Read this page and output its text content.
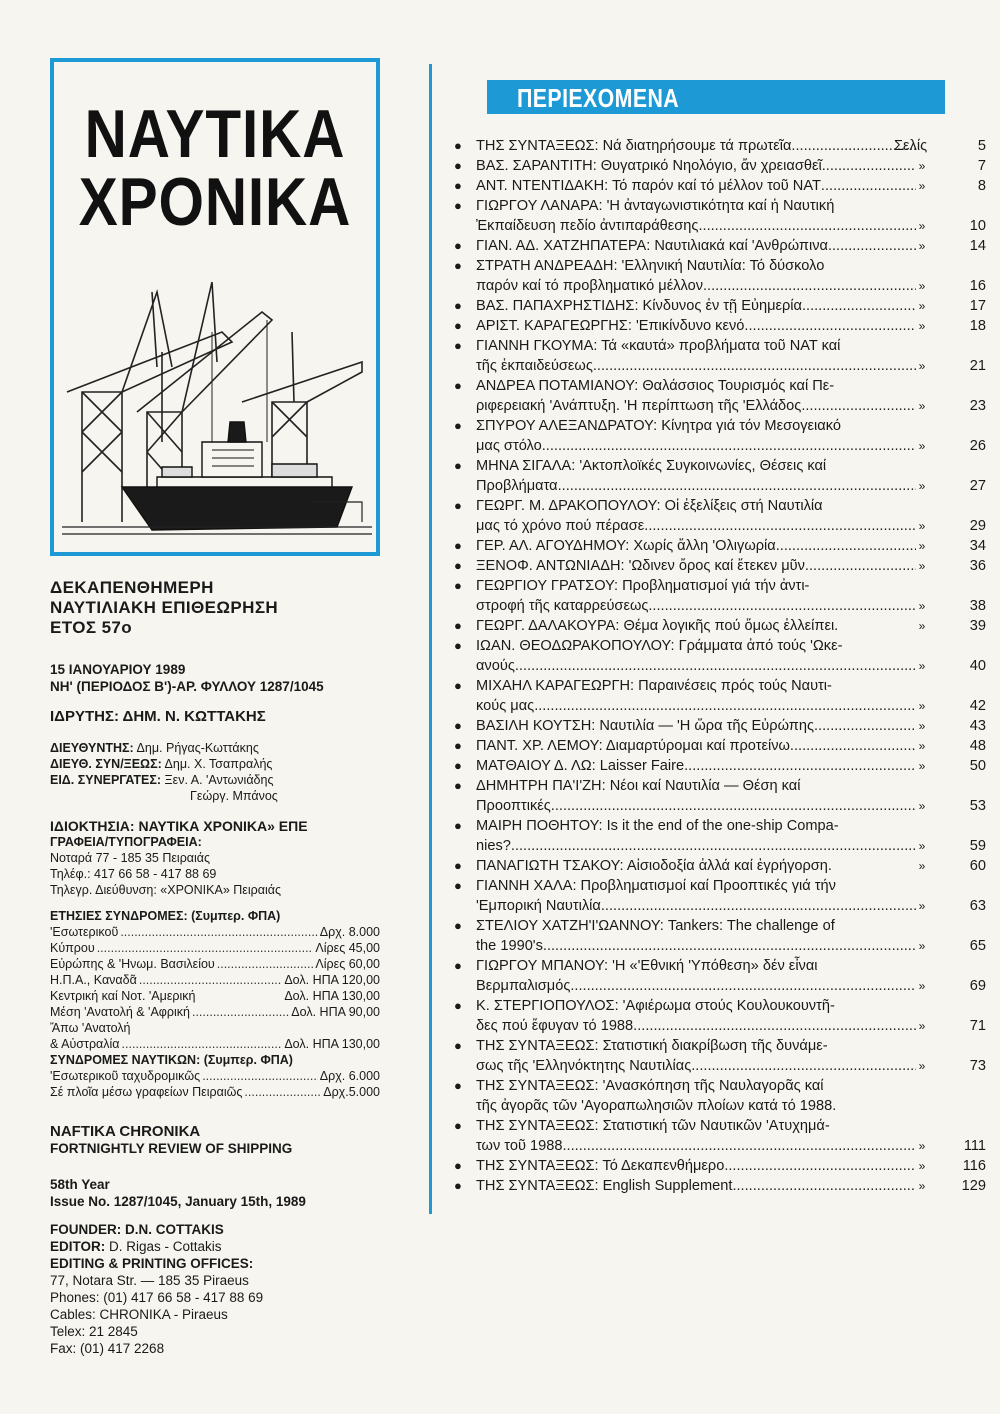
ΝΑΥΤΙΚΑ
ΧΡΟΝΙΚΑ
ΔΕΚΑΠΕΝΘΗΜΕΡΗ
ΝΑΥΤΙΛΙΑΚΗ ΕΠΙΘΕΩΡΗΣΗ
ΕΤΟΣ 57ο
15 ΙΑΝΟΥΑΡΙΟΥ 1989
ΝΗ' (ΠΕΡΙΟΔΟΣ Β')-ΑΡ. ΦΥΛΛΟΥ 1287/1045
ΙΔΡΥΤΗΣ: ΔΗΜ. Ν. ΚΩΤΤΑΚΗΣ
ΔΙΕΥΘΥΝΤΗΣ: Δημ. Ρήγας-Κωττάκης
ΔΙΕΥΘ. ΣΥΝ/ΞΕΩΣ: Δημ. Χ. Τσαπραλής
ΕΙΔ. ΣΥΝΕΡΓΑΤΕΣ: Ξεν. Α. 'Αντωνιάδης
Γεώργ. Μπάνος
ΙΔΙΟΚΤΗΣΙΑ: ΝΑΥΤΙΚΑ ΧΡΟΝΙΚΑ» ΕΠΕ
ΓΡΑΦΕΙΑ/ΤΥΠΟΓΡΑΦΕΙΑ:
Νοταρά 77 - 185 35 Πειραιάς
Τηλέφ.: 417 66 58 - 417 88 69
Τηλεγρ. Διεύθυνση: «ΧΡΟΝΙΚΑ» Πειραιάς
ΕΤΗΣΙΕΣ ΣΥΝΔΡΟΜΕΣ: (Συμπερ. ΦΠΑ)
'Εσωτερικοῦ .....	Δρχ. 8.000
Κύπρου .....	Λίρες 45,00
Εὐρώπης & 'Ηνωμ. Βασιλείου .....	Λίρες 60,00
Η.Π.Α., Καναδᾶ .....	Δολ. ΗΠΑ 120,00
Κεντρική καί Νοτ. 'Αμερική	Δολ. ΗΠΑ 130,00
Μέση 'Ανατολή & 'Αφρική .....	Δολ. ΗΠΑ 90,00
Ἄπω 'Ανατολή
& Αὐστραλία .....	Δολ. ΗΠΑ 130,00
ΣΥΝΔΡΟΜΕΣ ΝΑΥΤΙΚΩΝ: (Συμπερ. ΦΠΑ)
'Εσωτερικοῦ ταχυδρομικῶς .....	Δρχ. 6.000
Σέ πλοῖα μέσω γραφείων Πειραιῶς .....	Δρχ.5.000
NAFTIKA CHRONIKA
FORTNIGHTLY REVIEW OF SHIPPING
58th Year
Issue No. 1287/1045, January 15th, 1989
FOUNDER: D.N. COTTAKIS
EDITOR: D. Rigas - Cottakis
EDITING & PRINTING OFFICES:
77, Notara Str. — 185 35 Piraeus
Phones: (01) 417 66 58 - 417 88 69
Cables: CHRONIKA - Piraeus
Telex: 21 2845
Fax: (01) 417 2268
ΠΕΡΙΕΧΟΜΕΝΑ
● ΤΗΣ ΣΥΝΤΑΞΕΩΣ: Νά διατηρήσουμε τά πρωτεῖα .....	Σελίς	5
● ΒΑΣ. ΣΑΡΑΝΤΙΤΗ: Θυγατρικό Νηολόγιο, ἄν χρειασθεῖ .....	»	7
● ΑΝΤ. ΝΤΕΝΤΙΔΑΚΗ: Τό παρόν καί τό μέλλον τοῦ ΝΑΤ .....	»	8
● ΓΙΩΡΓΟΥ ΛΑΝΑΡΑ: 'Η ἀνταγωνιστικότητα καί ἡ Ναυτική
Ἐκπαίδευση πεδίο ἀντιπαράθεσης .....	»	10
● ΓΙΑΝ. ΑΔ. ΧΑΤΖΗΠΑΤΕΡΑ: Ναυτιλιακά καί 'Ανθρώπινα .....	»	14
● ΣΤΡΑΤΗ ΑΝΔΡΕΑΔΗ: 'Ελληνική Ναυτιλία: Τό δύσκολο
παρόν καί τό προβληματικό μέλλον .....	»	16
● ΒΑΣ. ΠΑΠΑΧΡΗΣΤΙΔΗΣ: Κίνδυνος ἐν τῇ Εὐημερία .....	»	17
● ΑΡΙΣΤ. ΚΑΡΑΓΕΩΡΓΗΣ: 'Επικίνδυνο κενό .....	»	18
● ΓΙΑΝΝΗ ΓΚΟΥΜΑ: Τά «καυτά» προβλήματα τοῦ ΝΑΤ καί
τῆς ἐκπαιδεύσεως .....	»	21
● ΑΝΔΡΕΑ ΠΟΤΑΜΙΑΝΟΥ: Θαλάσσιος Τουρισμός καί Πε-
ριφερειακή 'Ανάπτυξη. 'Η περίπτωση τῆς 'Ελλάδος .....	»	23
● ΣΠΥΡΟΥ ΑΛΕΞΑΝΔΡΑΤΟΥ: Κίνητρα γιά τόν Μεσογειακό
μας στόλο .....	»	26
● ΜΗΝΑ ΣΙΓΑΛΑ: 'Ακτοπλοϊκές Συγκοινωνίες, Θέσεις καί
Προβλήματα .....	»	27
● ΓΕΩΡΓ. Μ. ΔΡΑΚΟΠΟΥΛΟΥ: Οἱ ἐξελίξεις στή Ναυτιλία
μας τό χρόνο πού πέρασε .....	»	29
● ΓΕΡ. ΑΛ. ΑΓΟΥΔΗΜΟΥ: Χωρίς ἄλλη 'Ολιγωρία .....	»	34
● ΞΕΝΟΦ. ΑΝΤΩΝΙΑΔΗ: 'Ωδινεν ὄρος καί ἔτεκεν μῦν .....	»	36
● ΓΕΩΡΓΙΟΥ ΓΡΑΤΣΟΥ: Προβληματισμοί γιά τήν ἀντι-
στροφή τῆς καταρρεύσεως .....	»	38
● ΓΕΩΡΓ. ΔΑΛΑΚΟΥΡΑ: Θέμα λογικῆς πού ὅμως ἐλλείπει.	»	39
● ΙΩΑΝ. ΘΕΟΔΩΡΑΚΟΠΟΥΛΟΥ: Γράμματα ἀπό τούς 'Ωκε-
ανούς .....	»	40
● ΜΙΧΑΗΛ ΚΑΡΑΓΕΩΡΓΗ: Παραινέσεις πρός τούς Ναυτι-
κούς μας .....	»	42
● ΒΑΣΙΛΗ ΚΟΥΤΣΗ: Ναυτιλία — 'Η ὥρα τῆς Εὐρώπης .....	»	43
● ΠΑΝΤ. ΧΡ. ΛΕΜΟΥ: Διαμαρτύρομαι καί προτείνω .....	»	48
● ΜΑΤΘΑΙΟΥ Δ. ΛΩ: Laisser Faire .....	»	50
● ΔΗΜΗΤΡΗ ΠΑ'Ι'ΖΗ: Νέοι καί Ναυτιλία — Θέση καί
Προοπτικές .....	»	53
● ΜΑΙΡΗ ΠΟΘΗΤΟΥ: Is it the end of the one-ship Compa-
nies? .....	»	59
● ΠΑΝΑΓΙΩΤΗ ΤΣΑΚΟΥ: Αἰσιοδοξία ἀλλά καί ἐγρήγορση.	»	60
● ΓΙΑΝΝΗ ΧΑΛΑ: Προβληματισμοί καί Προοπτικές γιά τήν
'Εμπορική Ναυτιλία .....	»	63
● ΣΤΕΛΙΟΥ ΧΑΤΖΗ'Ι'ΩΑΝΝΟΥ: Tankers: The challenge of
the 1990's .....	»	65
● ΓΙΩΡΓΟΥ ΜΠΑΝΟΥ: 'Η «'Εθνική 'Υπόθεση» δέν εἶναι
Βερμπαλισμός .....	»	69
● Κ. ΣΤΕΡΓΙΟΠΟΥΛΟΣ: 'Αφιέρωμα στούς Κουλουκουντῆ-
δες πού ἔφυγαν τό 1988 .....	»	71
● ΤΗΣ ΣΥΝΤΑΞΕΩΣ: Στατιστική διακρίβωση τῆς δυνάμε-
σως τῆς 'Ελληνόκτητης Ναυτιλίας .....	»	73
● ΤΗΣ ΣΥΝΤΑΞΕΩΣ: 'Ανασκόπηση τῆς Ναυλαγορᾶς καί
τῆς ἀγορᾶς τῶν 'Αγοραπωλησιῶν πλοίων κατά τό 1988.
● ΤΗΣ ΣΥΝΤΑΞΕΩΣ: Στατιστική τῶν Ναυτικῶν 'Ατυχημά-
των τοῦ 1988 .....	»	111
● ΤΗΣ ΣΥΝΤΑΞΕΩΣ: Τό Δεκαπενθήμερο .....	»	116
● ΤΗΣ ΣΥΝΤΑΞΕΩΣ: English Supplement .....	»	129
